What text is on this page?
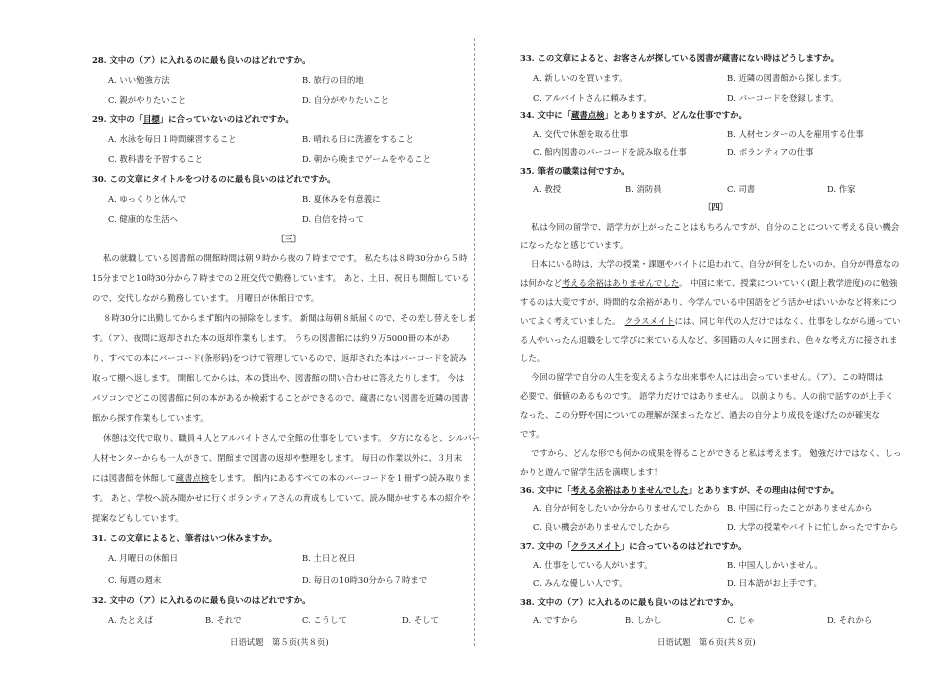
28. 文中の（ア）に入れるのに最も良いのはどれですか。
A. いい勉強方法	B. 旅行の目的地
C. 親がやりたいこと	D. 自分がやりたいこと
29. 文中の「目標」に合っていないのはどれですか。
A. 水泳を毎日１時間練習すること	B. 晴れる日に洗濯をすること
C. 教科書を予習すること	D. 朝から晩までゲームをやること
30. この文章にタイトルをつけるのに最も良いのはどれですか。
A. ゆっくりと休んで	B. 夏休みを有意義に
C. 健康的な生活へ	D. 自信を持って
〔三〕
私の就職している図書館の開館時間は朝９時から夜の７時までです。 私たちは８時30分から５時
15分までと10時30分から７時までの２班交代で勤務しています。 あと、土日、祝日も開館している
ので、交代しながら勤務しています。 月曜日が休館日です。
８時30分に出勤してからまず館内の掃除をします。 新聞は毎朝８紙届くので、その差し替えをしま
す。（ア）、夜間に返却された本の返却作業もします。 うちの図書館には約９万5000冊の本があ
り、すべての本にバーコード(条形码)をつけて管理しているので、返却された本はバーコードを読み
取って棚へ返します。 開館してからは、本の貸出や、図書館の問い合わせに答えたりします。 今は
パソコンでどこの図書館に何の本があるか検索することができるので、蔵書にない図書を近隣の図書
館から探す作業もしています。
休憩は交代で取り、職員４人とアルバイトさんで全館の仕事をしています。 夕方になると、シルバー
人材センターからも一人がきて、閉館まで図書の返却や整理をします。 毎日の作業以外に、３月末
には図書館を休館して蔵書点検をします。 館内にあるすべての本のバーコードを１冊ずつ読み取りま
す。 あと、学校へ読み聞かせに行くボランティアさんの育成もしていて、読み聞かせする本の紹介や
提案などもしています。
31. この文章によると、筆者はいつ休みますか。
A. 月曜日の休館日	B. 土日と祝日
C. 毎週の週末	D. 毎日の10時30分から７時まで
32. 文中の（ア）に入れるのに最も良いのはどれですか。
A. たとえば	B. それで	C. こうして	D. そして
日语试题　第５页(共８页)
33. この文章によると、お客さんが探している図書が蔵書にない時はどうしますか。
A. 新しいのを買います。	B. 近隣の図書館から探します。
C. アルバイトさんに頼みます。	D. バーコードを登録します。
34. 文中に「蔵書点検」とありますが、どんな仕事ですか。
A. 交代で休憩を取る仕事	B. 人材センターの人を雇用する仕事
C. 館内図書のバーコードを読み取る仕事	D. ボランティアの仕事
35. 筆者の職業は何ですか。
A. 教授	B. 消防員	C. 司書	D. 作家
〔四〕
私は今回の留学で、語学力が上がったことはもちろんですが、自分のことについて考える良い機会
になったなと感じています。
日本にいる時は、大学の授業・課題やバイトに追われて、自分が何をしたいのか、自分が得意なの
は何かなど考える余裕はありませんでした。 中国に来て、授業についていく(跟上教学进度)のに勉強
するのは大変ですが、時間的な余裕があり、今学んでいる中国語をどう活かせばいいかなど将来につ
いてよく考えていました。　 クラスメイトには、同じ年代の人だけではなく、仕事をしながら通ってい
る人やいったん退職をして学びに来ている人など、多国籍の人々に囲まれ、色々な考え方に接されま
した。
今回の留学で自分の人生を変えるような出来事や人には出会っていません。（ア）、この時間は
必要で、価値のあるものです。 語学力だけではありません。 以前よりも、人の前で話すのが上手く
なった、この分野や国についての理解が深まったなど、過去の自分より成長を遂げたのが確実な
です。
ですから、どんな形でも何かの成果を得ることができると私は考えます。 勉強だけではなく、しっ
かりと遊んで留学生活を満喫します！
36. 文中に「考える余裕はありませんでした」とありますが、その理由は何ですか。
A. 自分が何をしたいか分からりませんでしたから B. 中国に行ったことがありませんから
C. 良い機会がありませんでしたから	D. 大学の授業やバイトに忙しかったですから
37. 文中の「クラスメイト」に合っているのはどれですか。
A. 仕事をしている人がいます。	B. 中国人しかいません。
C. みんな優しい人です。	D. 日本語がお上手です。
38. 文中の（ア）に入れるのに最も良いのはどれですか。
A. ですから	B. しかし	C. じゃ	D. それから
日语试题　第６页(共８页)
